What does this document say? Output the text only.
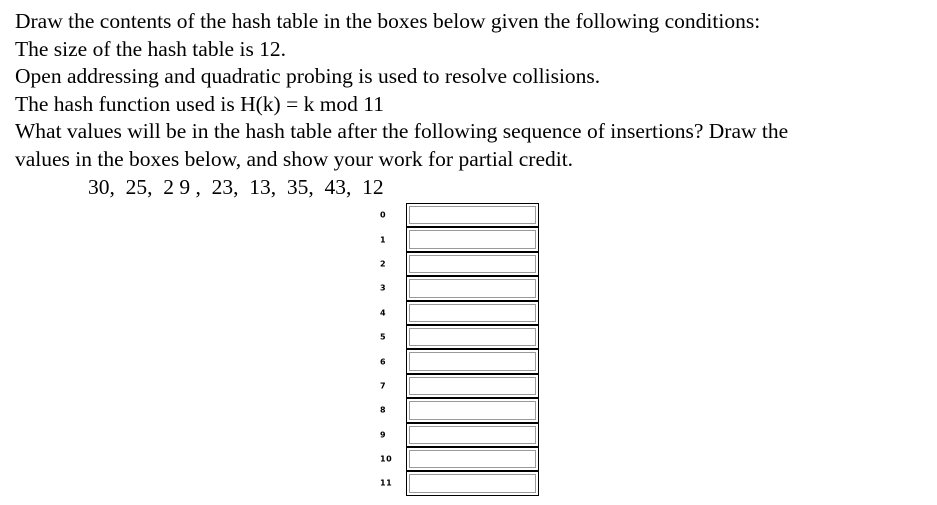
Draw the contents of the hash table in the boxes below given the following conditions:
The size of the hash table is 12.
Open addressing and quadratic probing is used to resolve collisions.
The hash function used is H(k) = k mod 11
What values will be in the hash table after the following sequence of insertions? Draw the
values in the boxes below, and show your work for partial credit.
30,  25,  2 9 ,  23,  13,  35,  43,  12
0
1
2
3
4
5
6
7
8
9
10
11
